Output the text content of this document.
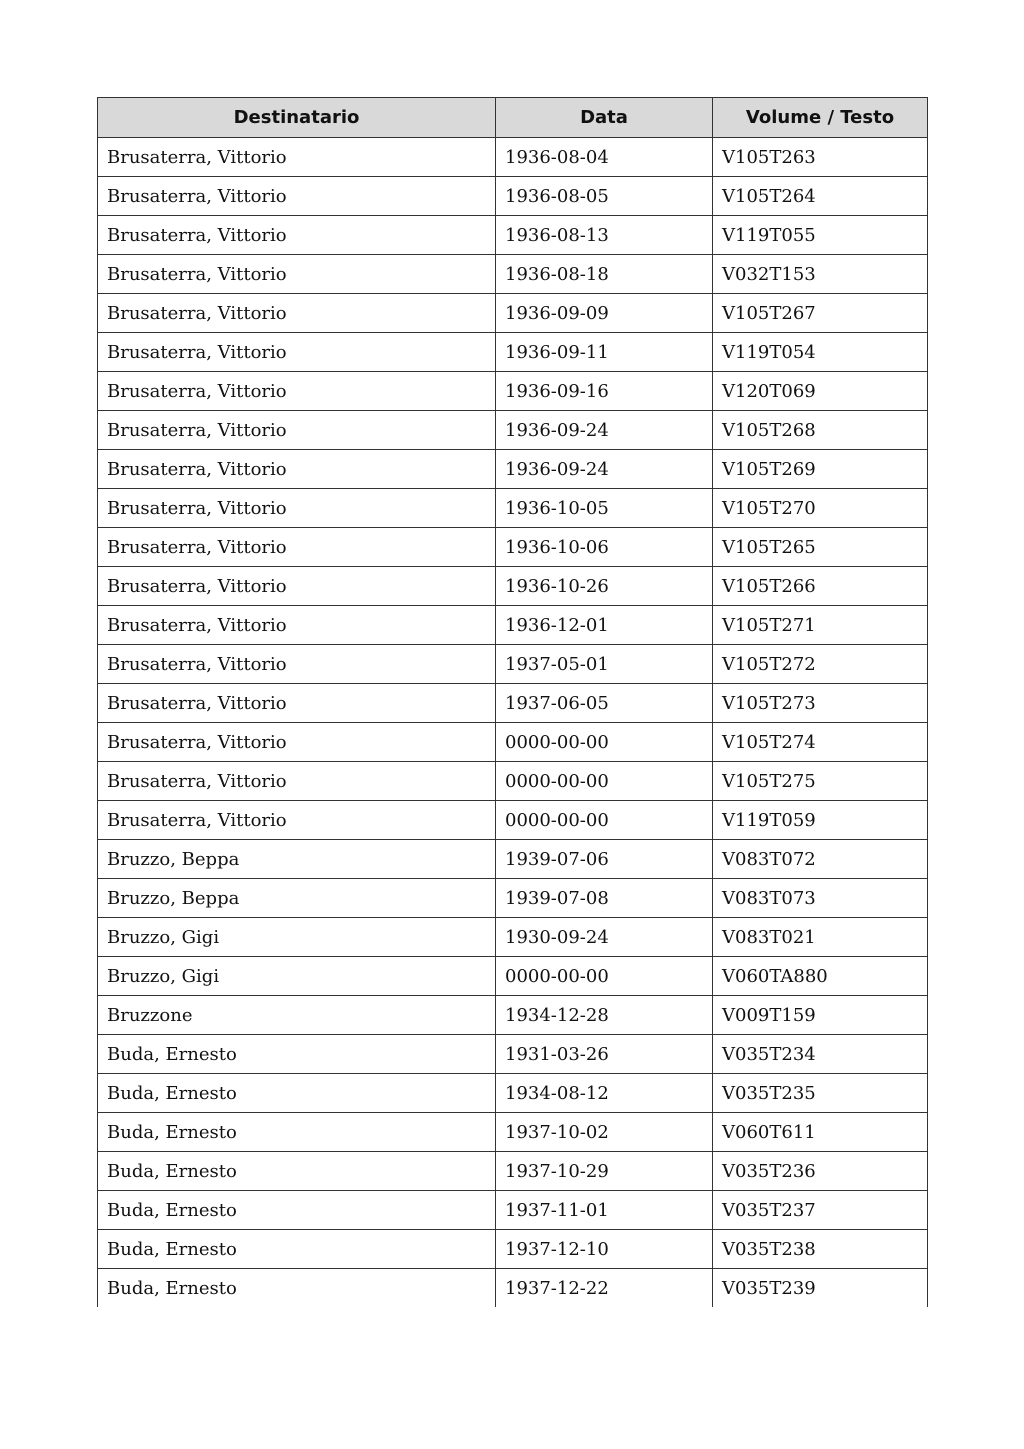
Destinatario	Data	Volume / Testo
Brusaterra, Vittorio	1936-08-04	V105T263
Brusaterra, Vittorio	1936-08-05	V105T264
Brusaterra, Vittorio	1936-08-13	V119T055
Brusaterra, Vittorio	1936-08-18	V032T153
Brusaterra, Vittorio	1936-09-09	V105T267
Brusaterra, Vittorio	1936-09-11	V119T054
Brusaterra, Vittorio	1936-09-16	V120T069
Brusaterra, Vittorio	1936-09-24	V105T268
Brusaterra, Vittorio	1936-09-24	V105T269
Brusaterra, Vittorio	1936-10-05	V105T270
Brusaterra, Vittorio	1936-10-06	V105T265
Brusaterra, Vittorio	1936-10-26	V105T266
Brusaterra, Vittorio	1936-12-01	V105T271
Brusaterra, Vittorio	1937-05-01	V105T272
Brusaterra, Vittorio	1937-06-05	V105T273
Brusaterra, Vittorio	0000-00-00	V105T274
Brusaterra, Vittorio	0000-00-00	V105T275
Brusaterra, Vittorio	0000-00-00	V119T059
Bruzzo, Beppa	1939-07-06	V083T072
Bruzzo, Beppa	1939-07-08	V083T073
Bruzzo, Gigi	1930-09-24	V083T021
Bruzzo, Gigi	0000-00-00	V060TA880
Bruzzone	1934-12-28	V009T159
Buda, Ernesto	1931-03-26	V035T234
Buda, Ernesto	1934-08-12	V035T235
Buda, Ernesto	1937-10-02	V060T611
Buda, Ernesto	1937-10-29	V035T236
Buda, Ernesto	1937-11-01	V035T237
Buda, Ernesto	1937-12-10	V035T238
Buda, Ernesto	1937-12-22	V035T239
